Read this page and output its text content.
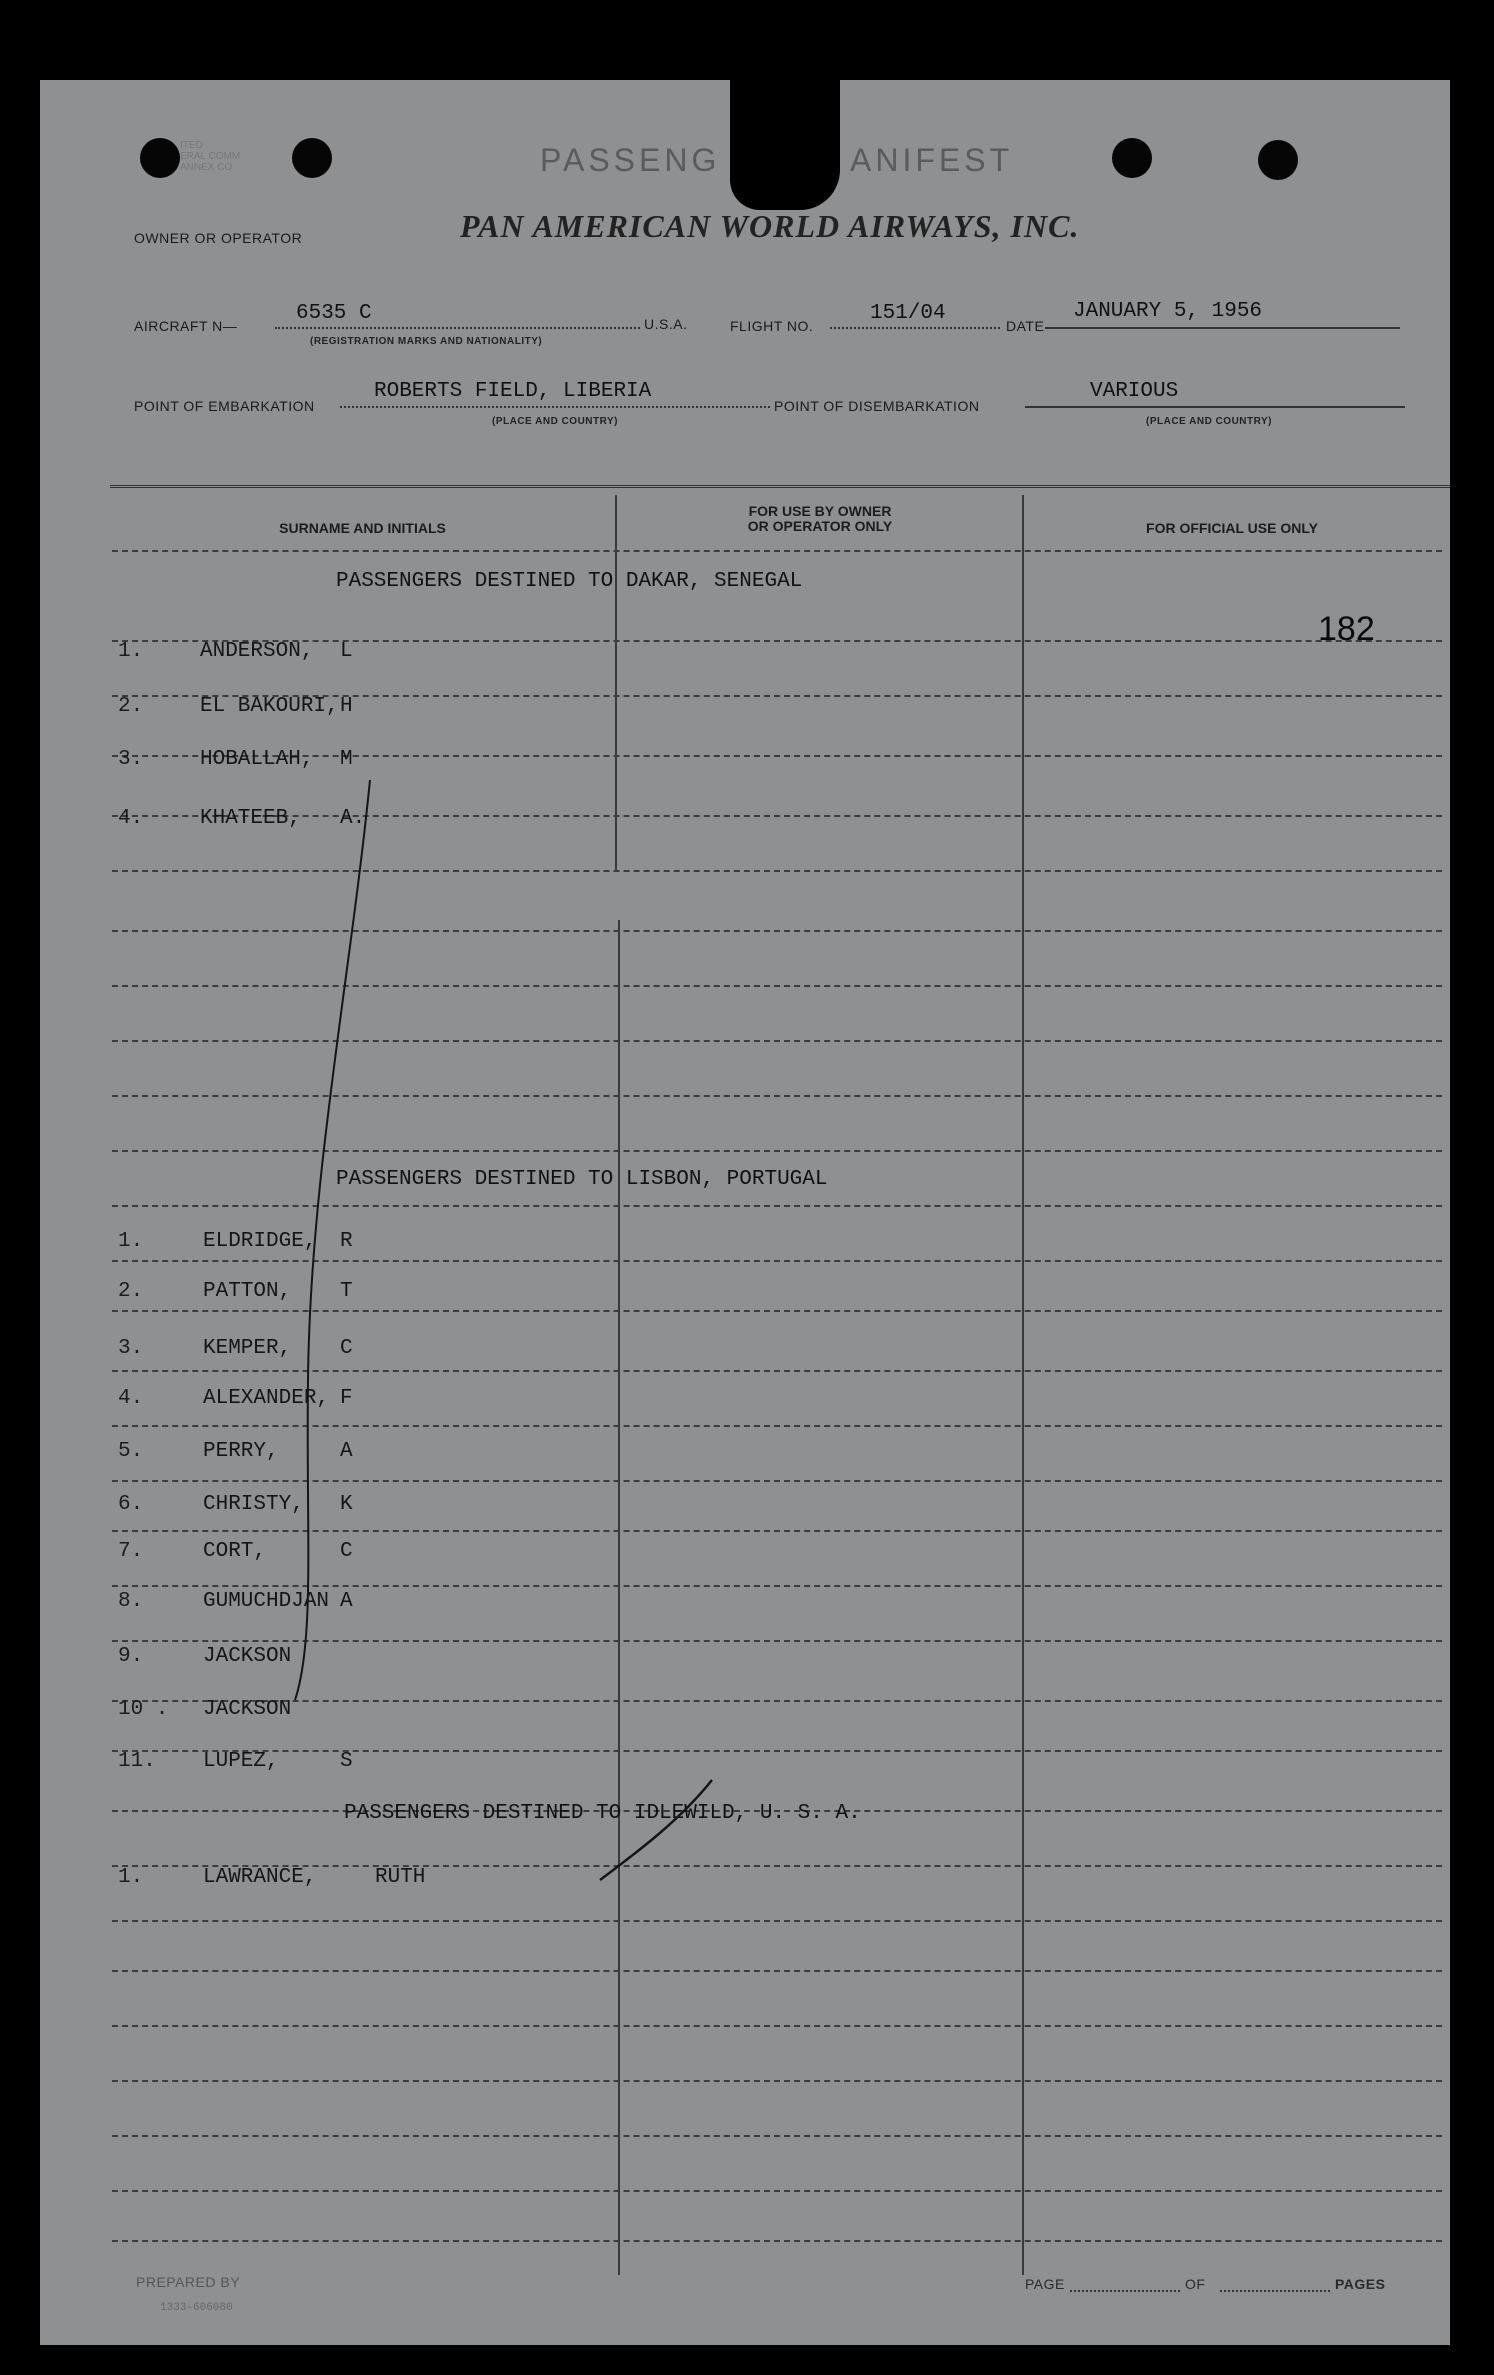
ITED
ERAL COMM
ANNEX CO	PASSENG	ANIFEST
OWNER OR OPERATOR	PAN AMERICAN WORLD AIRWAYS, INC.
AIRCRAFT N—
6535 C
(REGISTRATION MARKS AND NATIONALITY)
U.S.A.	FLIGHT NO.
151/04
DATE
JANUARY 5, 1956
POINT OF EMBARKATION
ROBERTS FIELD, LIBERIA
(PLACE AND COUNTRY)
POINT OF DISEMBARKATION
VARIOUS
(PLACE AND COUNTRY)
SURNAME AND INITIALS
FOR USE BY OWNER
OR OPERATOR ONLY	FOR OFFICIAL USE ONLY
PASSENGERS DESTINED TO DAKAR, SENEGAL
1.	ANDERSON, L
2.	EL BAKOURI, H
3.	HOBALLAH, M
4.	KHATEEB, A.
PASSENGERS DESTINED TO LISBON, PORTUGAL
1.	ELDRIDGE, R
2.	PATTON, T
3.	KEMPER, C
4.	ALEXANDER, F
5.	PERRY,	A
6.	CHRISTY, K
7.	CORT,	C
8.	GUMUCHDJAN A
9.	JACKSON
10 . JACKSON
11. LUPEZ,	S
PASSENGERS DESTINED TO IDLEWILD, U. S. A.
1.	LAWRANCE,	RUTH
182
PREPARED BY
1333-606080
PAGE	OF	PAGES
